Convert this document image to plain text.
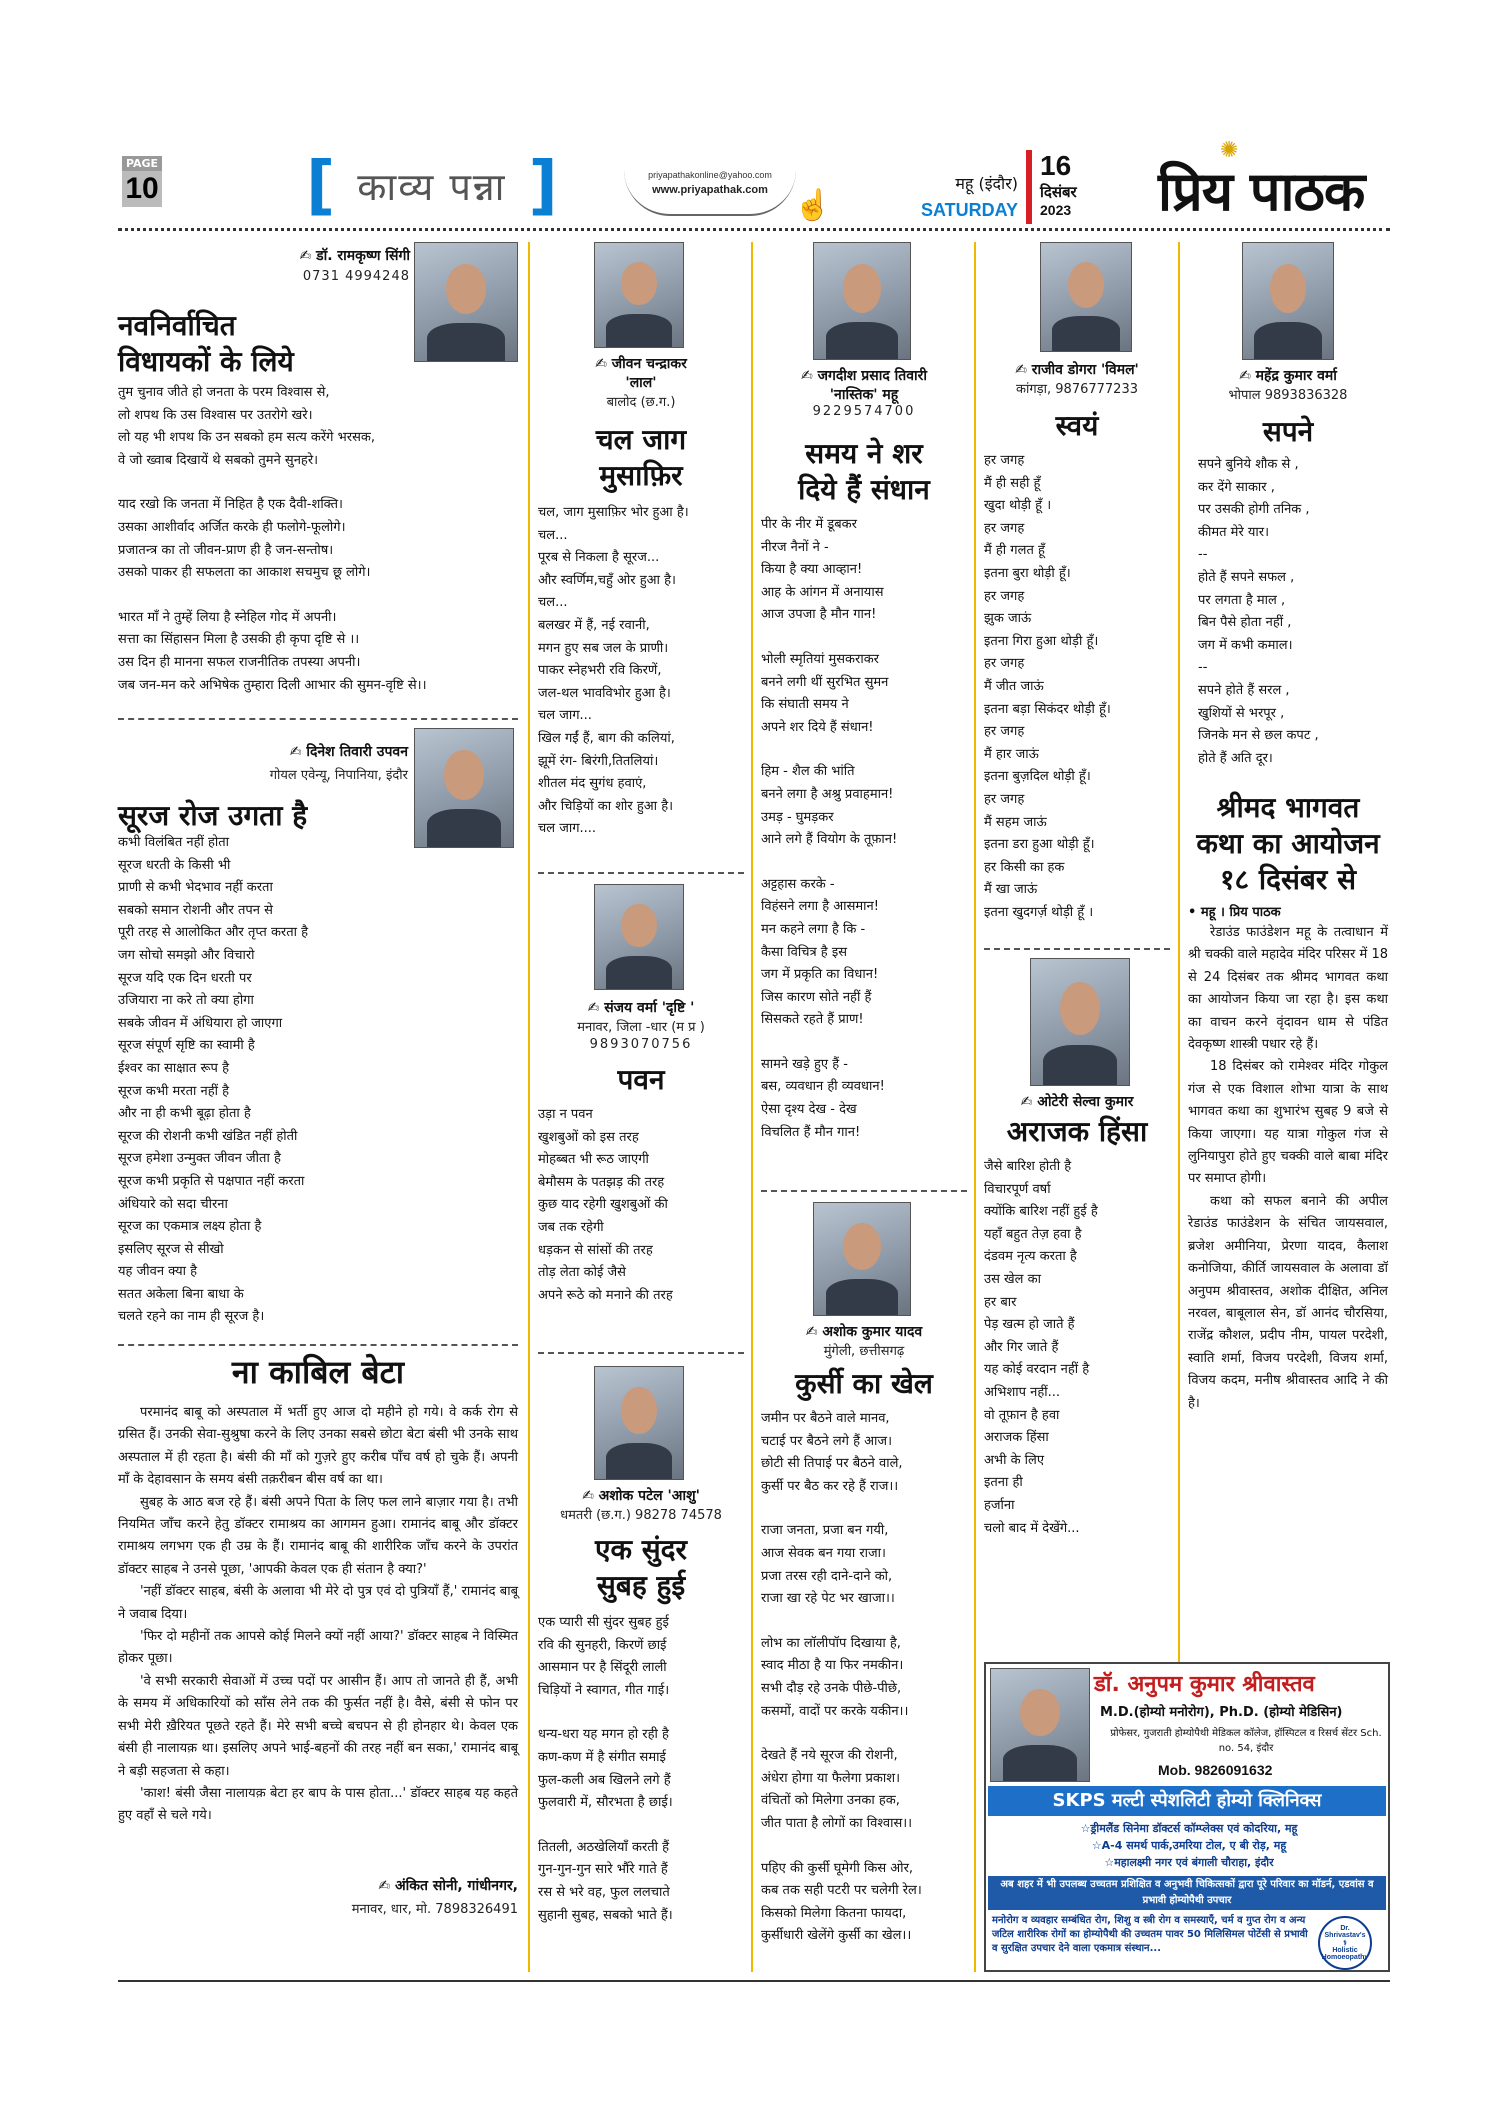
PAGE
10 [ काव्य पन्ना ]	priyapathakonline@yahoo.com
www.priyapathak.com ☝
महू (इंदौर)
SATURDAY
16
दिसंबर
2023
✺
प्रिय पाठक
✍ डॉ. रामकृष्ण सिंगी
0731 4994248
नवनिर्वाचित
विधायकों के लिये

तुम चुनाव जीते हो जनता के परम विश्वास से,

लो शपथ कि उस विश्वास पर उतरोगे खरे।

लो यह भी शपथ कि उन सबको हम सत्य करेंगे भरसक,

वे जो ख्वाब दिखायें थे सबको तुमने सुनहरे।

याद रखो कि जनता में निहित है एक दैवी-शक्ति।

उसका आशीर्वाद अर्जित करके ही फलोगे-फूलोगे।

प्रजातन्त्र का तो जीवन-प्राण ही है जन-सन्तोष।

उसको पाकर ही सफलता का आकाश सचमुच छू लोगे।

भारत माँ ने तुम्हें लिया है स्नेहिल गोद में अपनी।

सत्ता का सिंहासन मिला है उसकी ही कृपा दृष्टि से ।।

उस दिन ही मानना सफल राजनीतिक तपस्या अपनी।

जब जन-मन करे अभिषेक तुम्हारा दिली आभार की सुमन-वृष्टि से।।

✍ दिनेश तिवारी उपवन
गोयल एवेन्यू, निपानिया, इंदौर
सूरज रोज उगता है

कभी विलंबित नहीं होता

सूरज धरती के किसी भी

प्राणी से कभी भेदभाव नहीं करता

सबको समान रोशनी और तपन से

पूरी तरह से आलोकित और तृप्त करता है

जग सोचो समझो और विचारो

सूरज यदि एक दिन धरती पर

उजियारा ना करे तो क्या होगा

सबके जीवन में अंधियारा हो जाएगा

सूरज संपूर्ण सृष्टि का स्वामी है

ईश्वर का साक्षात रूप है

सूरज कभी मरता नहीं है

और ना ही कभी बूढ़ा होता है

सूरज की रोशनी कभी खंडित नहीं होती

सूरज हमेशा उन्मुक्त जीवन जीता है

सूरज कभी प्रकृति से पक्षपात नहीं करता

अंधियारे को सदा चीरना

सूरज का एकमात्र लक्ष्य होता है

इसलिए सूरज से सीखो

यह जीवन क्या है

सतत अकेला बिना बाधा के

चलते रहने का नाम ही सूरज है।

ना काबिल बेटा

परमानंद बाबू को अस्पताल में भर्ती हुए आज दो महीने हो गये। वे कर्क रोग से ग्रसित हैं। उनकी सेवा-सुश्रुषा करने के लिए उनका सबसे छोटा बेटा बंसी भी उनके साथ अस्पताल में ही रहता है। बंसी की माँ को गुज़रे हुए करीब पाँच वर्ष हो चुके हैं। अपनी माँ के देहावसान के समय बंसी तक़रीबन बीस वर्ष का था।

सुबह के आठ बज रहे हैं। बंसी अपने पिता के लिए फल लाने बाज़ार गया है। तभी नियमित जाँच करने हेतु डॉक्टर रामाश्रय का आगमन हुआ। रामानंद बाबू और डॉक्टर रामाश्रय लगभग एक ही उम्र के हैं। रामानंद बाबू की शारीरिक जाँच करने के उपरांत डॉक्टर साहब ने उनसे पूछा, 'आपकी केवल एक ही संतान है क्या?'

'नहीं डॉक्टर साहब, बंसी के अलावा भी मेरे दो पुत्र एवं दो पुत्रियाँ हैं,' रामानंद बाबू ने जवाब दिया।

'फिर दो महीनों तक आपसे कोई मिलने क्यों नहीं आया?' डॉक्टर साहब ने विस्मित होकर पूछा।

'वे सभी सरकारी सेवाओं में उच्च पदों पर आसीन हैं। आप तो जानते ही हैं, अभी के समय में अधिकारियों को साँस लेने तक की फुर्सत नहीं है। वैसे, बंसी से फोन पर सभी मेरी ख़ैरियत पूछते रहते हैं। मेरे सभी बच्चे बचपन से ही होनहार थे। केवल एक बंसी ही नालायक़ था। इसलिए अपने भाई-बहनों की तरह नहीं बन सका,' रामानंद बाबू ने बड़ी सहजता से कहा।

'काश! बंसी जैसा नालायक़ बेटा हर बाप के पास होता...' डॉक्टर साहब यह कहते हुए वहाँ से चले गये।

✍ अंकित सोनी, गांधीनगर,
मनावर, धार, मो. 7898326491
✍ जीवन चन्द्राकर
'लाल'
बालोद (छ.ग.)
चल जाग
मुसाफ़िर

चल, जाग मुसाफ़िर भोर हुआ है।

चल...

पूरब से निकला है सूरज...

और स्वर्णिम,चहुँ ओर हुआ है।

चल...

बलखर में हैं, नई रवानी,

मगन हुए सब जल के प्राणी।

पाकर स्नेहभरी रवि किरणें,

जल-थल भावविभोर हुआ है।

चल जाग...

खिल गईं हैं, बाग की कलियां,

झूमें रंग- बिरंगी,तितलियां।

शीतल मंद सुगंध हवाएं,

और चिड़ियों का शोर हुआ है।

चल जाग....

✍ संजय वर्मा 'दृष्टि '
मनावर, जिला -धार (म प्र )
9893070756
पवन

उड़ा न पवन

खुशबुओं को इस तरह

मोहब्बत भी रूठ जाएगी

बेमौसम के पतझड़ की तरह

कुछ याद रहेगी खुशबुओं की

जब तक रहेगी

धड़कन से सांसों की तरह

तोड़ लेता कोई जैसे

अपने रूठे को मनाने की तरह

✍ अशोक पटेल 'आशु'
धमतरी (छ.ग.) 98278 74578
एक सुंदर
सुबह हुई

एक प्यारी सी सुंदर सुबह हुई

रवि की सुनहरी, किरणें छाई

आसमान पर है सिंदूरी लाली

चिड़ियों ने स्वागत, गीत गाई।

धन्य-धरा यह मगन हो रही है

कण-कण में है संगीत समाई

फुल-कली अब खिलने लगे हैं

फुलवारी में, सौरभता है छाई।

तितली, अठखेलियाँ करती हैं

गुन-गुन-गुन सारे भौंरे गाते हैं

रस से भरे वह, फुल ललचाते

सुहानी सुबह, सबको भाते हैं।

✍ जगदीश प्रसाद तिवारी
'नास्तिक' महू
9229574700
समय ने शर
दिये हैं संधान

पीर के नीर में डूबकर

नीरज नैनों ने -

किया है क्या आव्हान!

आह के आंगन में अनायास

आज उपजा है मौन गान!

भोली स्मृतियां मुसकराकर

बनने लगी थीं सुरभित सुमन

कि संघाती समय ने

अपने शर दिये हैं संधान!

हिम - शैल की भांति

बनने लगा है अश्रु प्रवाहमान!

उमड़ - घुमड़कर

आने लगे हैं वियोग के तूफ़ान!

अट्टहास करके -

विहंसने लगा है आसमान!

मन कहने लगा है कि -

कैसा विचित्र है इस

जग में प्रकृति का विधान!

जिस कारण सोते नहीं हैं

सिसकते रहते हैं प्राण!

सामने खड़े हुए हैं -

बस, व्यवधान ही व्यवधान!

ऐसा दृश्य देख - देख

विचलित हैं मौन गान!

✍ अशोक कुमार यादव
मुंगेली, छत्तीसगढ़
कुर्सी का खेल

जमीन पर बैठने वाले मानव,

चटाई पर बैठने लगे हैं आज।

छोटी सी तिपाई पर बैठने वाले,

कुर्सी पर बैठ कर रहे हैं राज।।

राजा जनता, प्रजा बन गयी,

आज सेवक बन गया राजा।

प्रजा तरस रही दाने-दाने को,

राजा खा रहे पेट भर खाजा।।

लोभ का लॉलीपॉप दिखाया है,

स्वाद मीठा है या फिर नमकीन।

सभी दौड़ रहे उनके पीछे-पीछे,

कसमों, वादों पर करके यकीन।।

देखते हैं नये सूरज की रोशनी,

अंधेरा होगा या फैलेगा प्रकाश।

वंचितों को मिलेगा उनका हक,

जीत पाता है लोगों का विश्वास।।

पहिए की कुर्सी घूमेगी किस ओर,

कब तक सही पटरी पर चलेगी रेल।

किसको मिलेगा कितना फायदा,

कुर्सीधारी खेलेंगे कुर्सी का खेल।।

✍ राजीव डोगरा 'विमल'
कांगड़ा, 9876777233
स्वयं

हर जगह

मैं ही सही हूँ

खुदा थोड़ी हूँ ।

हर जगह

मैं ही गलत हूँ

इतना बुरा थोड़ी हूँ।

हर जगह

झुक जाऊं

इतना गिरा हुआ थोड़ी हूँ।

हर जगह

मैं जीत जाऊं

इतना बड़ा सिकंदर थोड़ी हूँ।

हर जगह

मैं हार जाऊं

इतना बुज़दिल थोड़ी हूँ।

हर जगह

मैं सहम जाऊं

इतना डरा हुआ थोड़ी हूँ।

हर किसी का हक

मैं खा जाऊं

इतना खुदगर्ज़ थोड़ी हूँ ।

✍ ओटेरी सेल्वा कुमार
अराजक हिंसा

जैसे बारिश होती है

विचारपूर्ण वर्षा

क्योंकि बारिश नहीं हुई है

यहाँ बहुत तेज़ हवा है

दंडवम नृत्य करता है

उस खेल का

हर बार

पेड़ खत्म हो जाते हैं

और गिर जाते हैं

यह कोई वरदान नहीं है

अभिशाप नहीं...

वो तूफ़ान है हवा

अराजक हिंसा

अभी के लिए

इतना ही

हर्जाना

चलो बाद में देखेंगे...

✍ महेंद्र कुमार वर्मा
भोपाल 9893836328
सपने

सपने बुनिये शौक से ,

कर देंगे साकार ,

पर उसकी होगी तनिक ,

कीमत मेरे यार।

--

होते हैं सपने सफल ,

पर लगता है माल ,

बिन पैसे होता नहीं ,

जग में कभी कमाल।

--

सपने होते हैं सरल ,

खुशियों से भरपूर ,

जिनके मन से छल कपट ,

होते हैं अति दूर।

श्रीमद भागवत
कथा का आयोजन
१८ दिसंबर से
• महू । प्रिय पाठक

रेडाउंड फाउंडेशन महू के तत्वाधान में श्री चक्की वाले महादेव मंदिर परिसर में 18 से 24 दिसंबर तक श्रीमद भागवत कथा का आयोजन किया जा रहा है। इस कथा का वाचन करने वृंदावन धाम से पंडित देवकृष्ण शास्त्री पधार रहे हैं।

18 दिसंबर को रामेश्वर मंदिर गोकुल गंज से एक विशाल शोभा यात्रा के साथ भागवत कथा का शुभारंभ सुबह 9 बजे से किया जाएगा। यह यात्रा गोकुल गंज से लुनियापुरा होते हुए चक्की वाले बाबा मंदिर पर समाप्त होगी।

कथा को सफल बनाने की अपील रेडाउंड फाउंडेशन के संचित जायसवाल, ब्रजेश अमीनिया, प्रेरणा यादव, कैलाश कनोजिया, कीर्ति जायसवाल के अलावा डॉ अनुपम श्रीवास्तव, अशोक दीक्षित, अनिल नरवल, बाबूलाल सेन, डॉ आनंद चौरसिया, राजेंद्र कौशल, प्रदीप नीम, पायल परदेशी, स्वाति शर्मा, विजय परदेशी, विजय शर्मा, विजय कदम, मनीष श्रीवास्तव आदि ने की है।

डॉ. अनुपम कुमार श्रीवास्तव
M.D.(होम्यो मनोरोग), Ph.D. (होम्यो मेडिसिन)
प्रोफेसर, गुजराती होम्योपैथी मेडिकल कॉलेज, हॉस्पिटल व रिसर्च सेंटर Sch. no. 54, इंदौर
Mob. 9826091632
SKPS मल्टी स्पेशलिटी होम्यो क्लिनिक्स
☆ड्रीमलैंड सिनेमा डॉक्टर्स कॉम्प्लेक्स एवं कोदरिया, महू
☆A-4 समर्थ पार्क,उमरिया टोल, ए बी रोड़, महू
☆महालक्ष्मी नगर एवं बंगाली चौराहा, इंदौर
अब शहर में भी उपलब्ध उच्चतम प्रशिक्षित व अनुभवी चिकित्सकों द्वारा पूरे परिवार का मॉडर्न, एडवांस व प्रभावी होम्योपैथी उपचार
मनोरोग व व्यवहार सम्बंधित रोग, शिशु व स्त्री रोग व समस्याएँ, चर्म व गुप्त रोग व अन्य जटिल शारीरिक रोगों का होम्योपैथी की उच्चतम पावर 50 मिलिसिमल पोटेंसी से प्रभावी व सुरक्षित उपचार देने वाला एकमात्र संस्थान...
Dr. Shrivastav's
⚕
Holistic Homoeopathy
